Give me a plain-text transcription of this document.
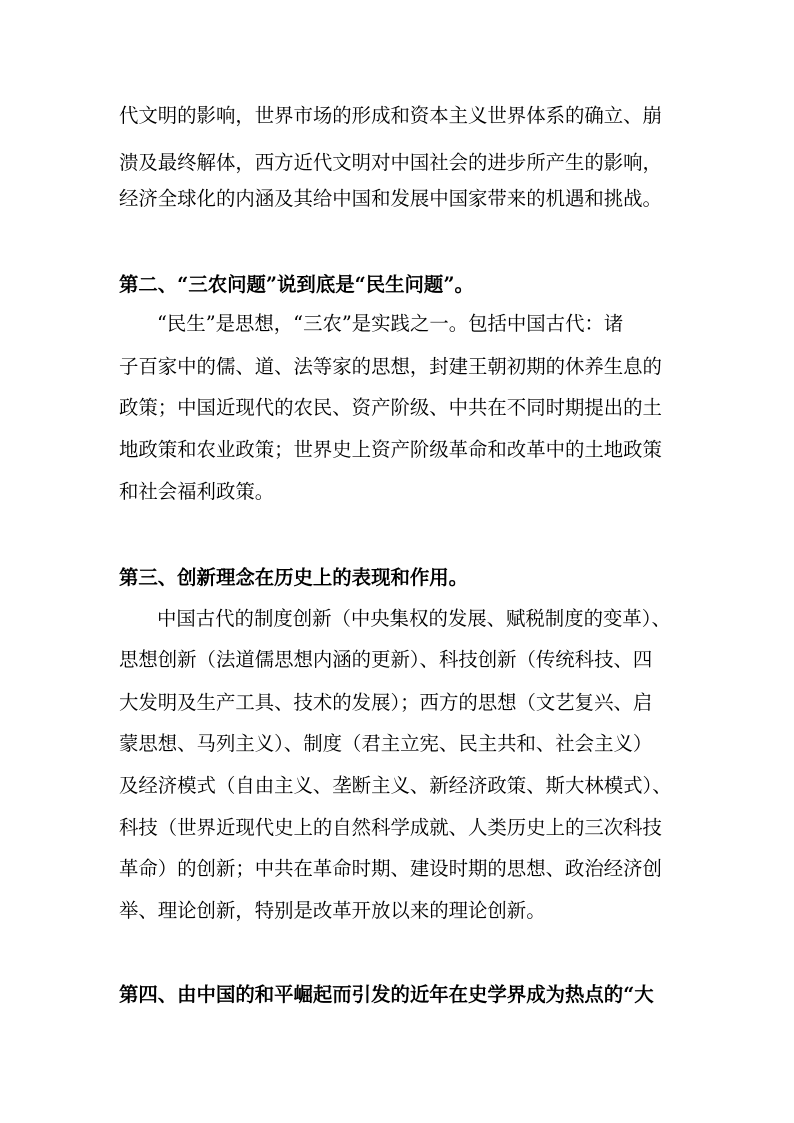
代文明的影响，世界市场的形成和资本主义世界体系的确立、崩
溃及最终解体，西方近代文明对中国社会的进步所产生的影响，
经济全球化的内涵及其给中国和发展中国家带来的机遇和挑战。
第二、“三农问题”说到底是“民生问题”。
“民生”是思想，“三农”是实践之一。包括中国古代：诸
子百家中的儒、道、法等家的思想，封建王朝初期的休养生息的
政策；中国近现代的农民、资产阶级、中共在不同时期提出的土
地政策和农业政策；世界史上资产阶级革命和改革中的土地政策
和社会福利政策。
第三、创新理念在历史上的表现和作用。
中国古代的制度创新（中央集权的发展、赋税制度的变革）、
思想创新（法道儒思想内涵的更新）、科技创新（传统科技、四
大发明及生产工具、技术的发展）；西方的思想（文艺复兴、启
蒙思想、马列主义）、制度（君主立宪、民主共和、社会主义）
及经济模式（自由主义、垄断主义、新经济政策、斯大林模式）、
科技（世界近现代史上的自然科学成就、人类历史上的三次科技
革命）的创新；中共在革命时期、建设时期的思想、政治经济创
举、理论创新，特别是改革开放以来的理论创新。
第四、由中国的和平崛起而引发的近年在史学界成为热点的“大
